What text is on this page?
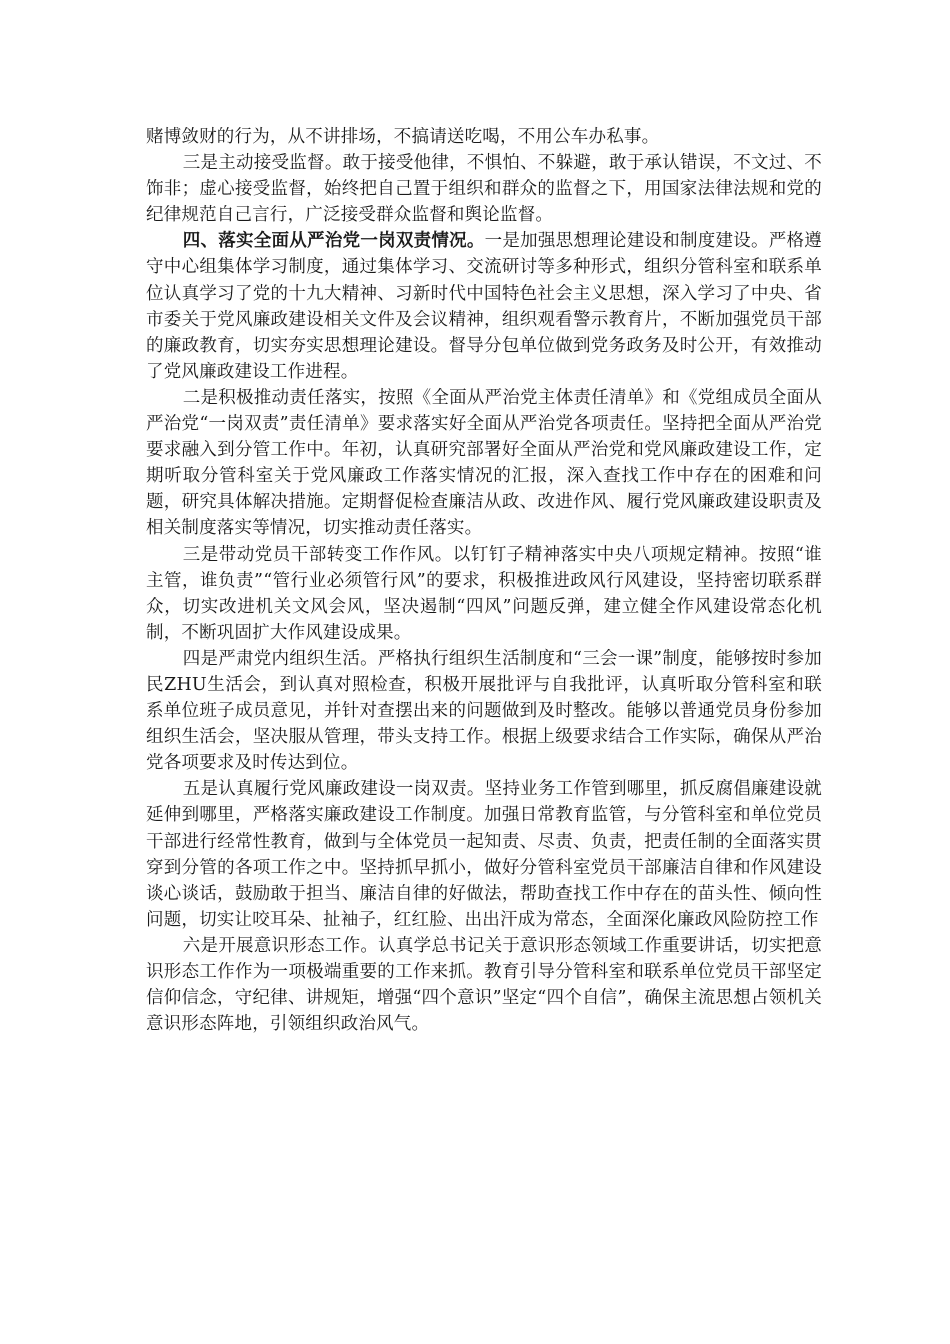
赌博敛财的行为，从不讲排场，不搞请送吃喝，不用公车办私事。

三是主动接受监督。敢于接受他律，不惧怕、不躲避，敢于承认错误，不文过、不饰非；虚心接受监督，始终把自己置于组织和群众的监督之下，用国家法律法规和党的纪律规范自己言行，广泛接受群众监督和舆论监督。

四、落实全面从严治党一岗双责情况。一是加强思想理论建设和制度建设。严格遵守中心组集体学习制度，通过集体学习、交流研讨等多种形式，组织分管科室和联系单位认真学习了党的十九大精神、习新时代中国特色社会主义思想，深入学习了中央、省市委关于党风廉政建设相关文件及会议精神，组织观看警示教育片，不断加强党员干部的廉政教育，切实夯实思想理论建设。督导分包单位做到党务政务及时公开，有效推动了党风廉政建设工作进程。

二是积极推动责任落实，按照《全面从严治党主体责任清单》和《党组成员全面从严治党“一岗双责”责任清单》要求落实好全面从严治党各项责任。坚持把全面从严治党要求融入到分管工作中。年初，认真研究部署好全面从严治党和党风廉政建设工作，定期听取分管科室关于党风廉政工作落实情况的汇报，深入查找工作中存在的困难和问题，研究具体解决措施。定期督促检查廉洁从政、改进作风、履行党风廉政建设职责及相关制度落实等情况，切实推动责任落实。

三是带动党员干部转变工作作风。以钉钉子精神落实中央八项规定精神。按照“谁主管，谁负责”“管行业必须管行风”的要求，积极推进政风行风建设，坚持密切联系群众，切实改进机关文风会风，坚决遏制“四风”问题反弹，建立健全作风建设常态化机制，不断巩固扩大作风建设成果。

四是严肃党内组织生活。严格执行组织生活制度和“三会一课”制度，能够按时参加民ZHU生活会，到认真对照检查，积极开展批评与自我批评，认真听取分管科室和联系单位班子成员意见，并针对查摆出来的问题做到及时整改。能够以普通党员身份参加组织生活会，坚决服从管理，带头支持工作。根据上级要求结合工作实际，确保从严治党各项要求及时传达到位。

五是认真履行党风廉政建设一岗双责。坚持业务工作管到哪里，抓反腐倡廉建设就延伸到哪里，严格落实廉政建设工作制度。加强日常教育监管，与分管科室和单位党员干部进行经常性教育，做到与全体党员一起知责、尽责、负责，把责任制的全面落实贯穿到分管的各项工作之中。坚持抓早抓小，做好分管科室党员干部廉洁自律和作风建设谈心谈话，鼓励敢于担当、廉洁自律的好做法，帮助查找工作中存在的苗头性、倾向性问题，切实让咬耳朵、扯袖子，红红脸、出出汗成为常态，全面深化廉政风险防控工作

六是开展意识形态工作。认真学总书记关于意识形态领域工作重要讲话，切实把意识形态工作作为一项极端重要的工作来抓。教育引导分管科室和联系单位党员干部坚定信仰信念，守纪律、讲规矩，增强“四个意识”坚定“四个自信”，确保主流思想占领机关意识形态阵地，引领组织政治风气。
